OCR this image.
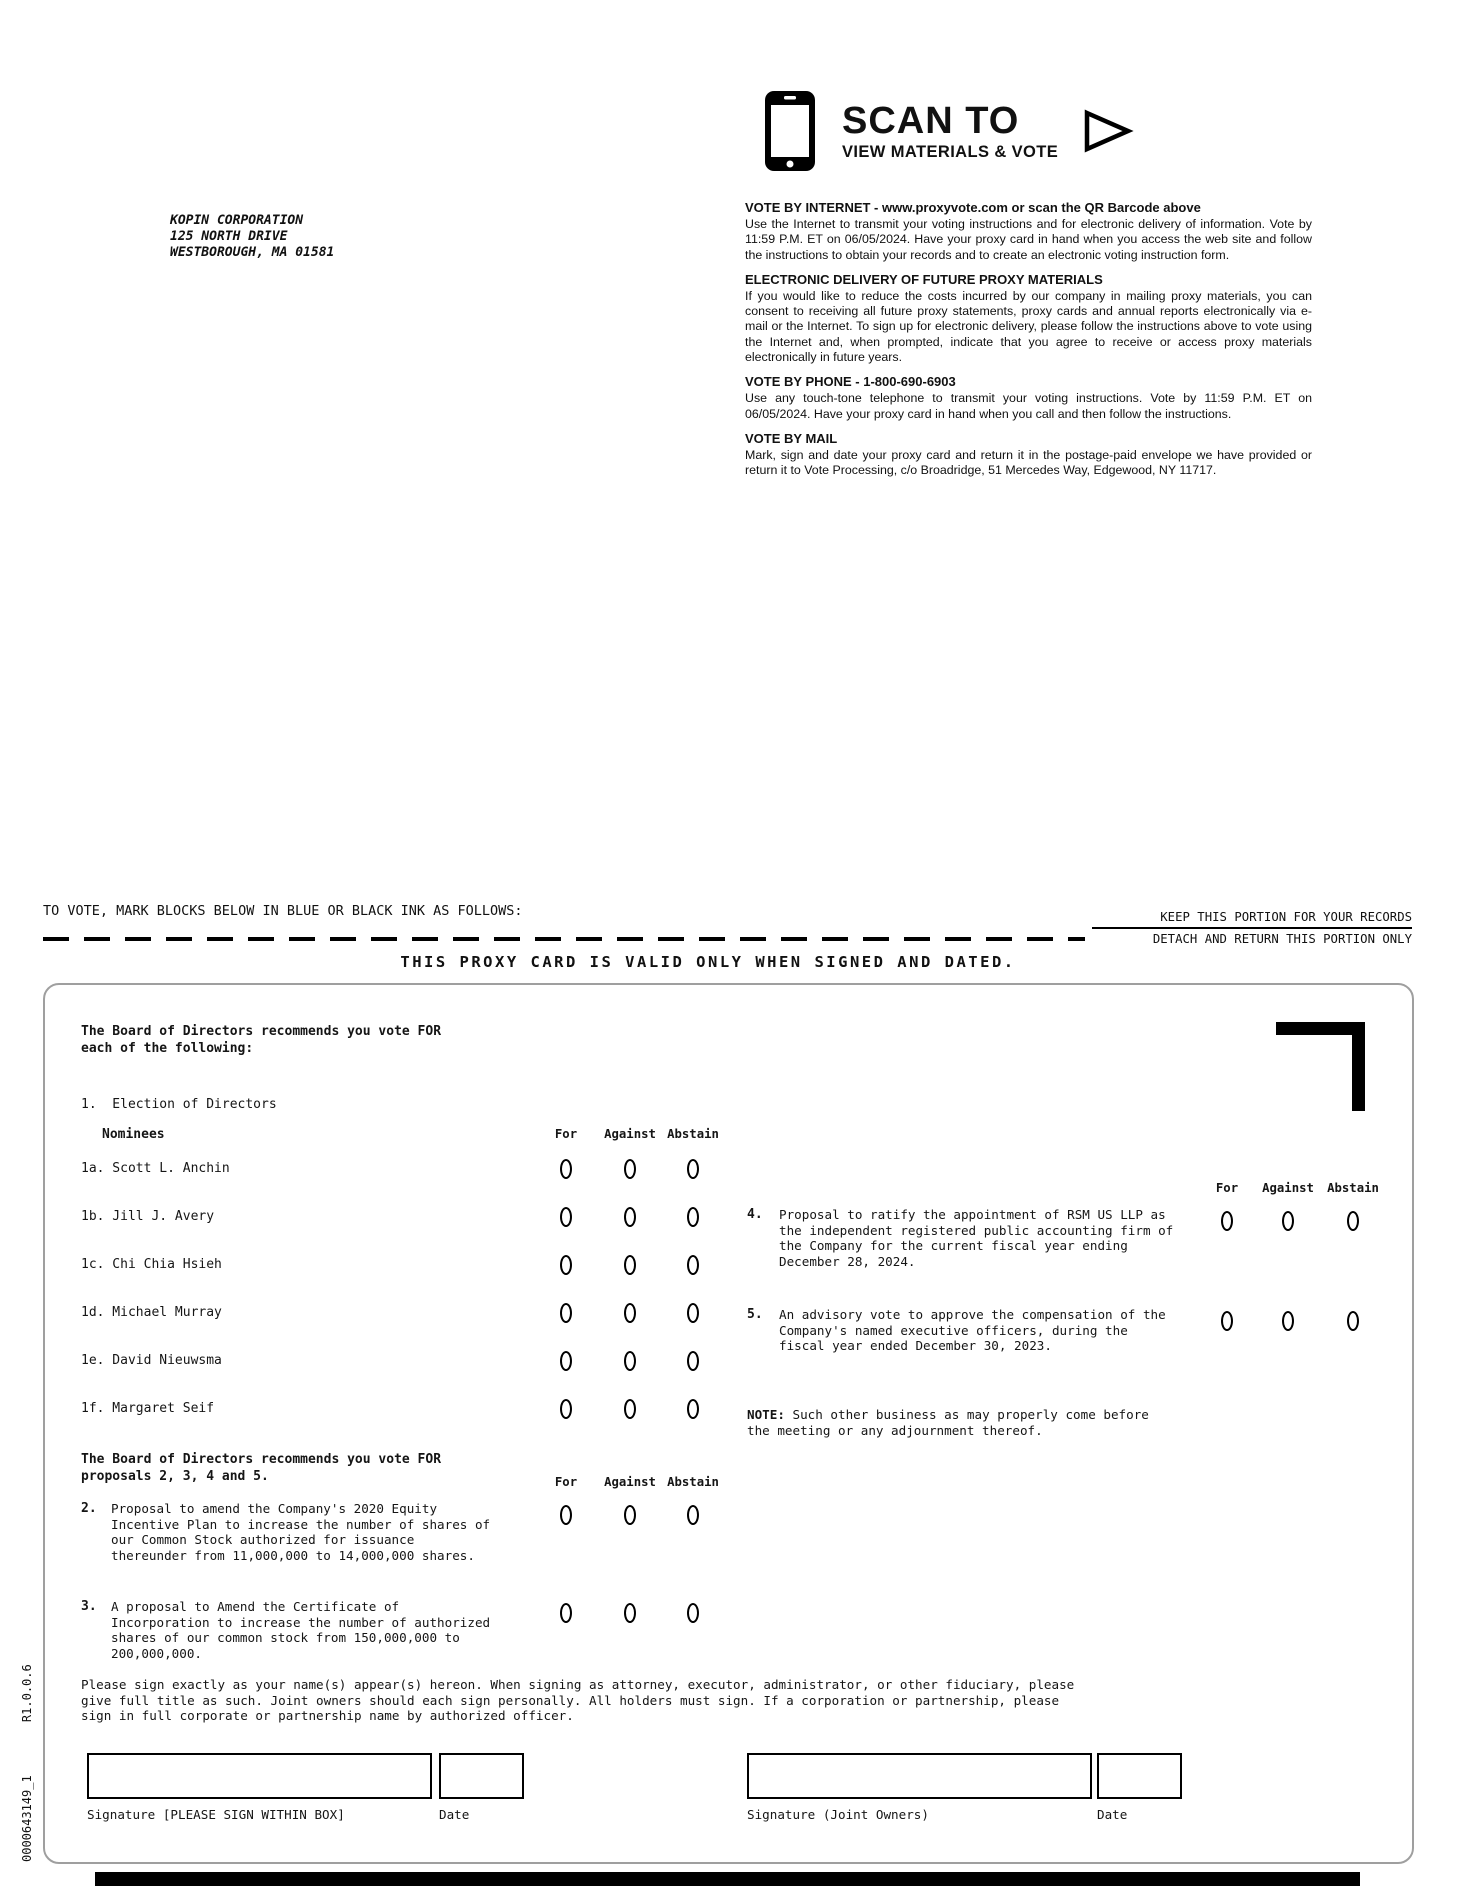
SCAN TO
VIEW MATERIALS & VOTE
KOPIN CORPORATION
125 NORTH DRIVE
WESTBOROUGH, MA 01581
VOTE BY INTERNET - www.proxyvote.com or scan the QR Barcode above

Use the Internet to transmit your voting instructions and for electronic delivery of information. Vote by 11:59 P.M. ET on 06/05/2024. Have your proxy card in hand when you access the web site and follow the instructions to obtain your records and to create an electronic voting instruction form.

ELECTRONIC DELIVERY OF FUTURE PROXY MATERIALS

If you would like to reduce the costs incurred by our company in mailing proxy materials, you can consent to receiving all future proxy statements, proxy cards and annual reports electronically via e-mail or the Internet. To sign up for electronic delivery, please follow the instructions above to vote using the Internet and, when prompted, indicate that you agree to receive or access proxy materials electronically in future years.

VOTE BY PHONE - 1-800-690-6903

Use any touch-tone telephone to transmit your voting instructions. Vote by 11:59 P.M. ET on 06/05/2024. Have your proxy card in hand when you call and then follow the instructions.

VOTE BY MAIL

Mark, sign and date your proxy card and return it in the postage-paid envelope we have provided or return it to Vote Processing, c/o Broadridge, 51 Mercedes Way, Edgewood, NY 11717.

TO VOTE, MARK BLOCKS BELOW IN BLUE OR BLACK INK AS FOLLOWS:	KEEP THIS PORTION FOR YOUR RECORDS
DETACH AND RETURN THIS PORTION ONLY
THIS PROXY CARD IS VALID ONLY WHEN SIGNED AND DATED.
The Board of Directors recommends you vote FOR
each of the following:
1.  Election of Directors
Nominees	For Against Abstain
1a. Scott L. Anchin
1b. Jill J. Avery
1c. Chi Chia Hsieh
1d. Michael Murray
1e. David Nieuwsma
1f. Margaret Seif
For Against Abstain
4. Proposal to ratify the appointment of RSM US LLP as the independent registered public accounting firm of the Company for the current fiscal year ending December 28, 2024.
5. An advisory vote to approve the compensation of the Company's named executive officers, during the fiscal year ended December 30, 2023.
NOTE: Such other business as may properly come before the meeting or any adjournment thereof.
The Board of Directors recommends you vote FOR
proposals 2, 3, 4 and 5.	For Against Abstain
2. Proposal to amend the Company's 2020 Equity Incentive Plan to increase the number of shares of our Common Stock authorized for issuance thereunder from 11,000,000 to 14,000,000 shares.
3. A proposal to Amend the Certificate of Incorporation to increase the number of authorized shares of our common stock from 150,000,000 to 200,000,000.
Please sign exactly as your name(s) appear(s) hereon. When signing as attorney, executor, administrator, or other fiduciary, please give full title as such. Joint owners should each sign personally. All holders must sign. If a corporation or partnership, please sign in full corporate or partnership name by authorized officer.
Signature [PLEASE SIGN WITHIN BOX]	Date	Signature (Joint Owners)	Date
0000643149_1 R1.0.0.6
